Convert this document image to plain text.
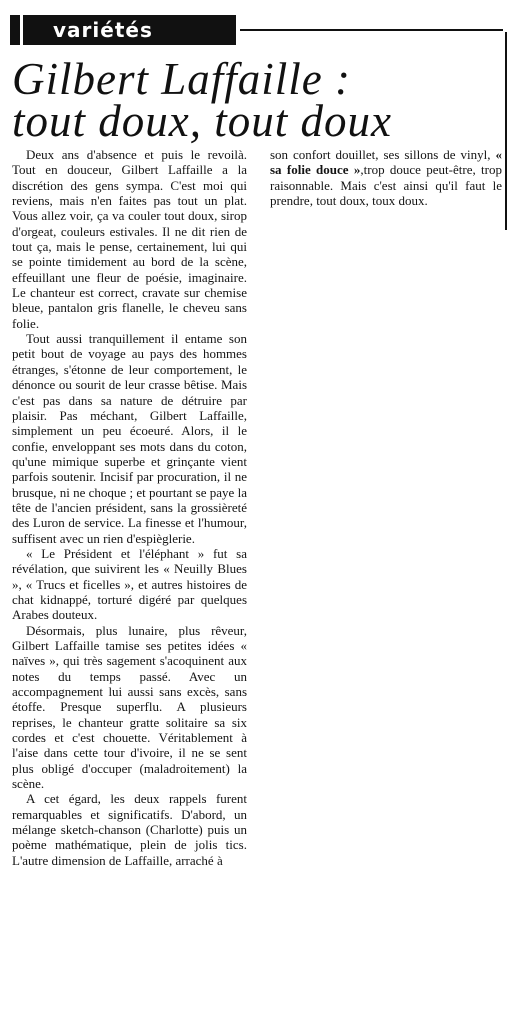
variétés
Gilbert Laffaille :
tout doux, tout doux

Deux ans d'absence et puis le revoilà. Tout en douceur, Gilbert Laffaille a la discrétion des gens sympa. C'est moi qui reviens, mais n'en faites pas tout un plat. Vous allez voir, ça va couler tout doux, sirop d'orgeat, couleurs estivales. Il ne dit rien de tout ça, mais le pense, certainement, lui qui se pointe timidement au bord de la scène, effeuillant une fleur de poésie, imaginaire. Le chanteur est correct, cravate sur chemise bleue, pantalon gris flanelle, le cheveu sans folie.

Tout aussi tranquillement il entame son petit bout de voyage au pays des hommes étranges, s'étonne de leur comportement, le dénonce ou sourit de leur crasse bêtise. Mais c'est pas dans sa nature de détruire par plaisir. Pas méchant, Gilbert Laffaille, simplement un peu écoeuré. Alors, il le confie, enveloppant ses mots dans du coton, qu'une mimique superbe et grinçante vient parfois soutenir. Incisif par procuration, il ne brusque, ni ne choque ; et pourtant se paye la tête de l'ancien président, sans la grossièreté des Luron de service. La finesse et l'humour, suffisent avec un rien d'espièglerie.

« Le Président et l'éléphant » fut sa révélation, que suivirent les « Neuilly Blues », « Trucs et ficelles », et autres histoires de chat kidnappé, torturé digéré par quelques Arabes douteux.

Désormais, plus lunaire, plus rêveur, Gilbert Laffaille tamise ses petites idées « naïves », qui très sagement s'acoquinent aux notes du temps passé. Avec un accompagnement lui aussi sans excès, sans étoffe. Presque superflu. A plusieurs reprises, le chanteur gratte solitaire sa six cordes et c'est chouette. Véritablement à l'aise dans cette tour d'ivoire, il ne se sent plus obligé d'occuper (maladroitement) la scène.

A cet égard, les deux rappels furent remarquables et significatifs. D'abord, un mélange sketch-chanson (Charlotte) puis un poème mathématique, plein de jolis tics. L'autre dimension de Laffaille, arraché à

son confort douillet, ses sillons de vinyl, « sa folie douce »,trop douce peut-être, trop raisonnable. Mais c'est ainsi qu'il faut le prendre, tout doux, toux doux.
